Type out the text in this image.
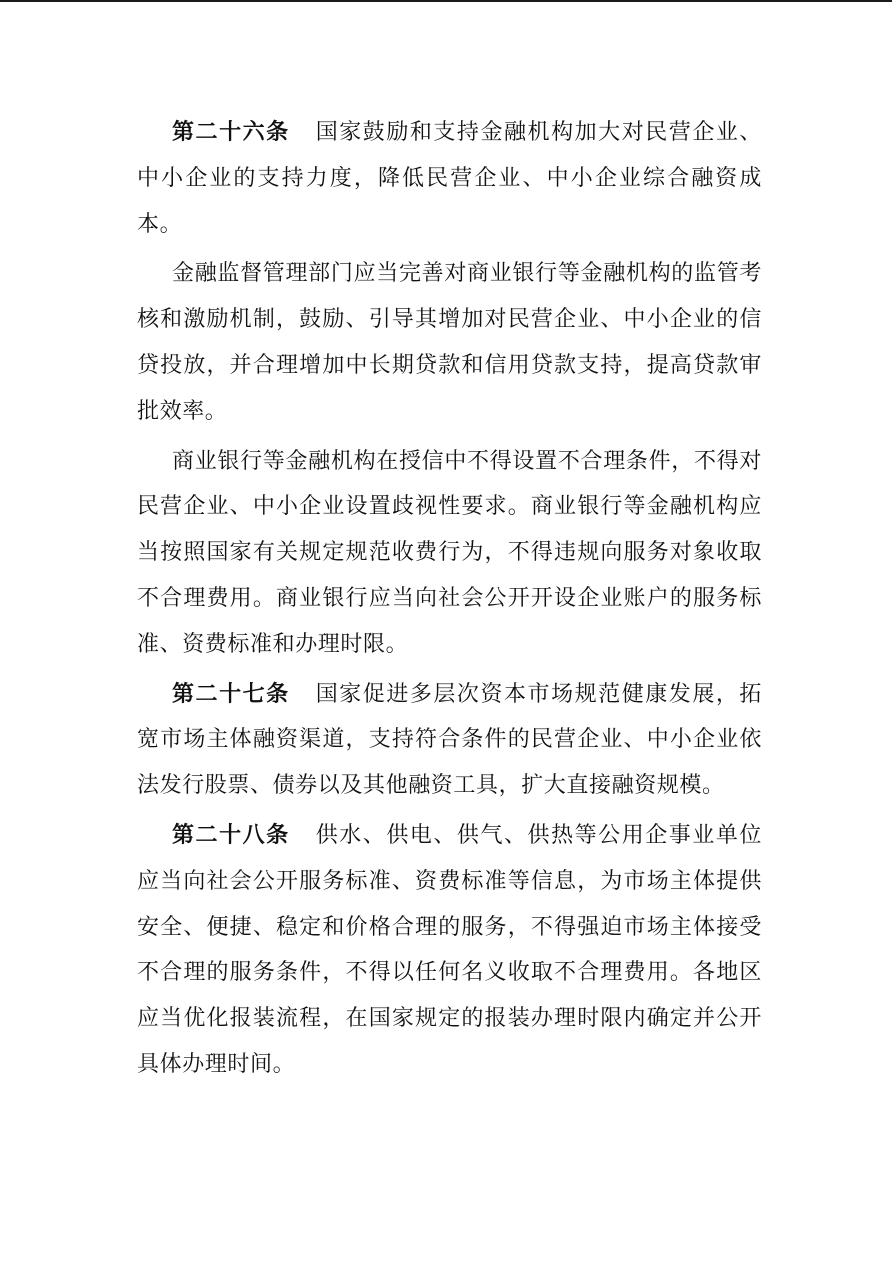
第二十六条 国家鼓励和支持金融机构加大对民营企业、中小企业的支持力度，降低民营企业、中小企业综合融资成本。

金融监督管理部门应当完善对商业银行等金融机构的监管考核和激励机制，鼓励、引导其增加对民营企业、中小企业的信贷投放，并合理增加中长期贷款和信用贷款支持，提高贷款审批效率。

商业银行等金融机构在授信中不得设置不合理条件，不得对民营企业、中小企业设置歧视性要求。商业银行等金融机构应当按照国家有关规定规范收费行为，不得违规向服务对象收取不合理费用。商业银行应当向社会公开开设企业账户的服务标准、资费标准和办理时限。

第二十七条 国家促进多层次资本市场规范健康发展，拓宽市场主体融资渠道，支持符合条件的民营企业、中小企业依法发行股票、债券以及其他融资工具，扩大直接融资规模。

第二十八条 供水、供电、供气、供热等公用企事业单位应当向社会公开服务标准、资费标准等信息，为市场主体提供安全、便捷、稳定和价格合理的服务，不得强迫市场主体接受不合理的服务条件，不得以任何名义收取不合理费用。各地区应当优化报装流程，在国家规定的报装办理时限内确定并公开具体办理时间。
